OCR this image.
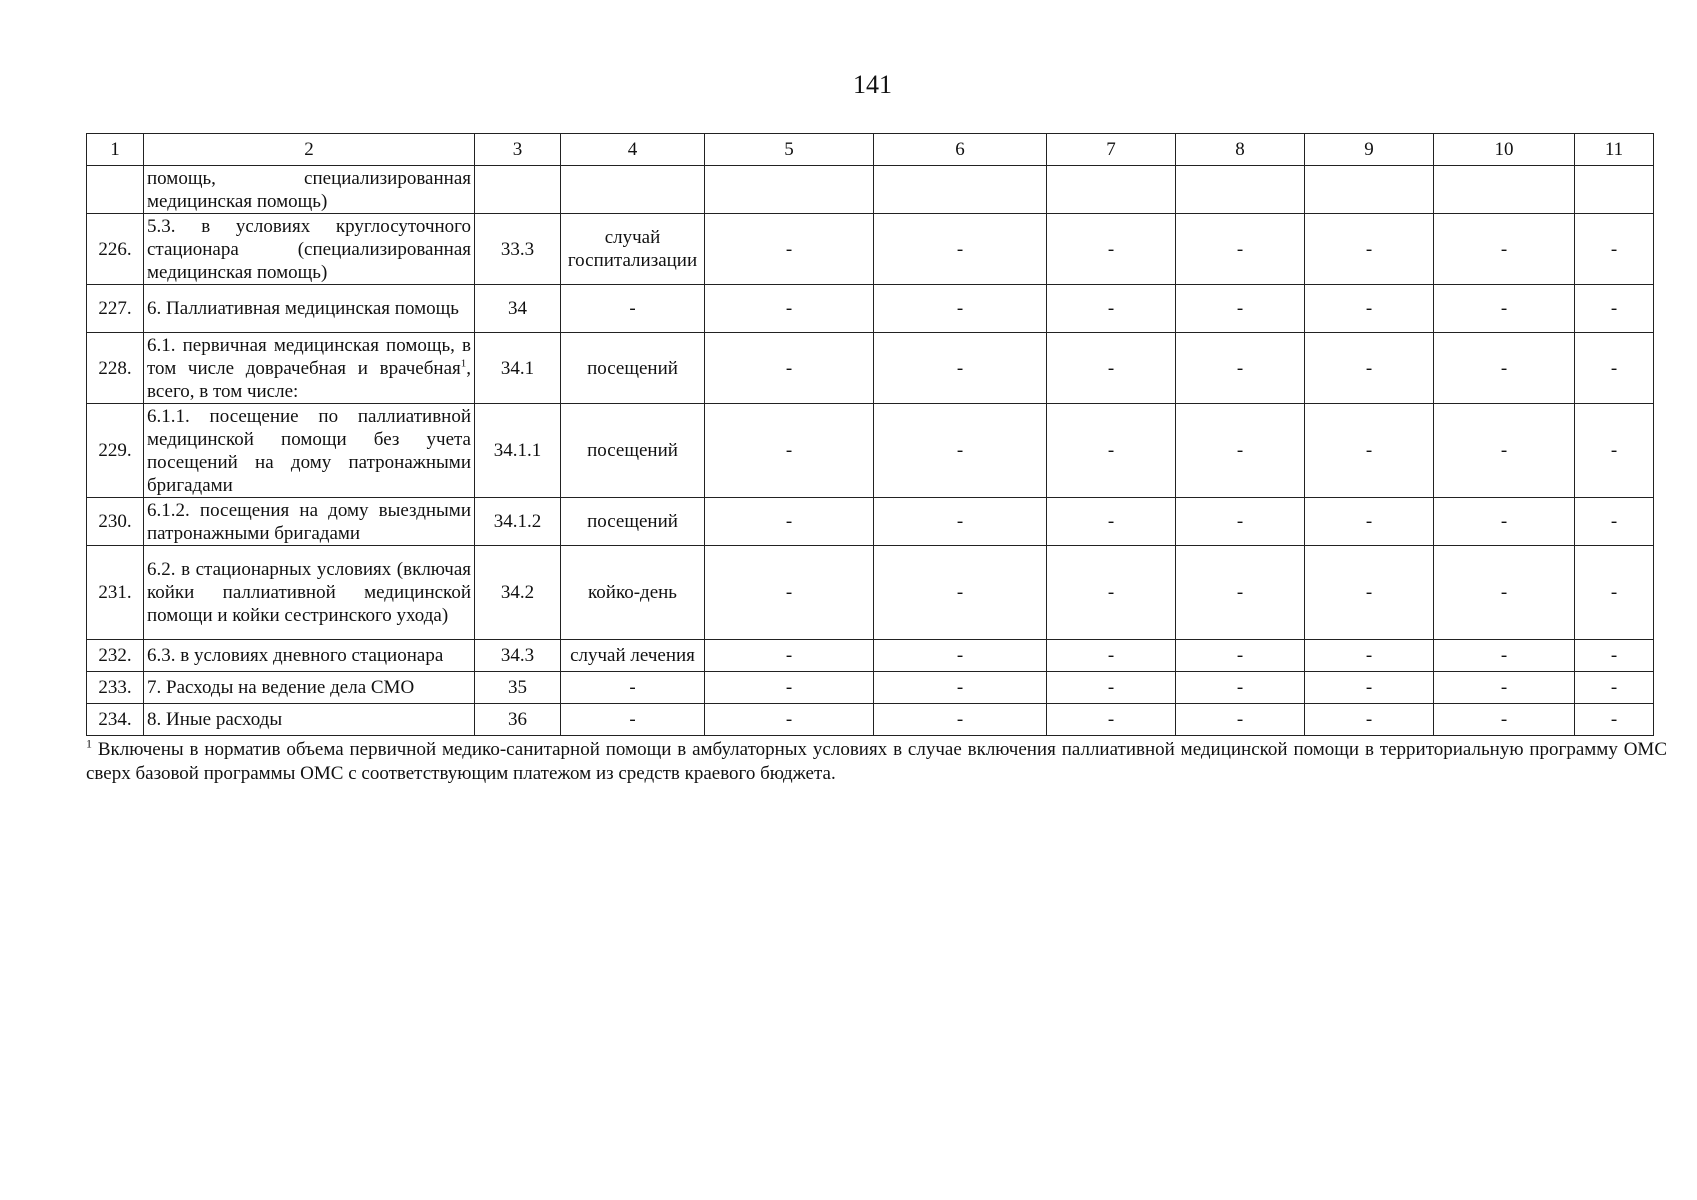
141
1	2	3	4	5	6	7	8	9	10	11
	помощь, специализированная медицинская помощь)									
226.	5.3. в условиях круглосуточного стационара (специализированная медицинская помощь)	33.3	случай госпитализации	-	-	-	-	-	-	-
227.	6. Паллиативная медицинская помощь	34	-	-	-	-	-	-	-	-
228.	6.1. первичная медицинская помощь, в том числе доврачебная и врачебная$^1$, всего, в том числе:	34.1	посещений	-	-	-	-	-	-	-
229.	6.1.1. посещение по паллиативной медицинской помощи без учета посещений на дому патронажными бригадами	34.1.1	посещений	-	-	-	-	-	-	-
230.	6.1.2. посещения на дому выездными патронажными бригадами	34.1.2	посещений	-	-	-	-	-	-	-
231.	6.2. в стационарных условиях (включая койки паллиативной медицинской помощи и койки сестринского ухода)	34.2	койко-день	-	-	-	-	-	-	-
232.	6.3. в условиях дневного стационара	34.3	случай лечения	-	-	-	-	-	-	-
233.	7. Расходы на ведение дела СМО	35	-	-	-	-	-	-	-	-
234.	8. Иные расходы	36	-	-	-	-	-	-	-	-
$^1$ Включены в норматив объема первичной медико-санитарной помощи в амбулаторных условиях в случае включения паллиативной медицинской помощи в территориальную программу ОМС сверх базовой программы ОМС с соответствующим платежом из средств краевого бюджета.
